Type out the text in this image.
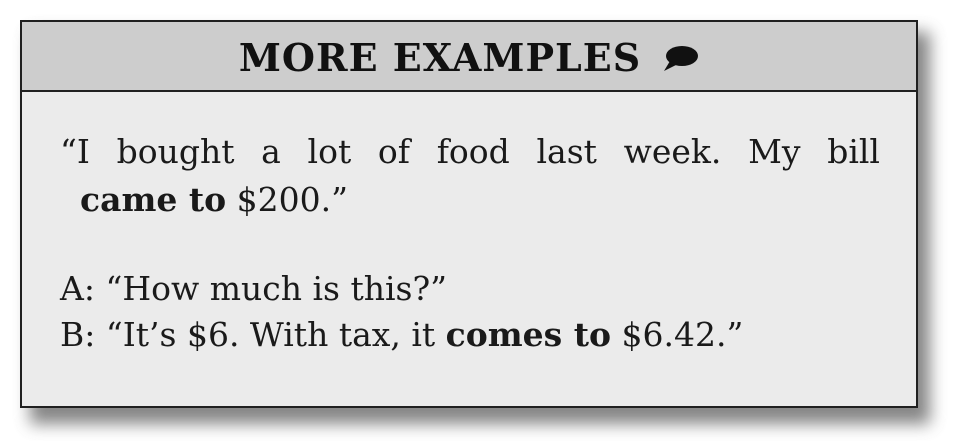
MORE EXAMPLES
“I bought a lot of food last week. My bill
came to $200.”
A: “How much is this?”
B: “It’s $6. With tax, it comes to $6.42.”
